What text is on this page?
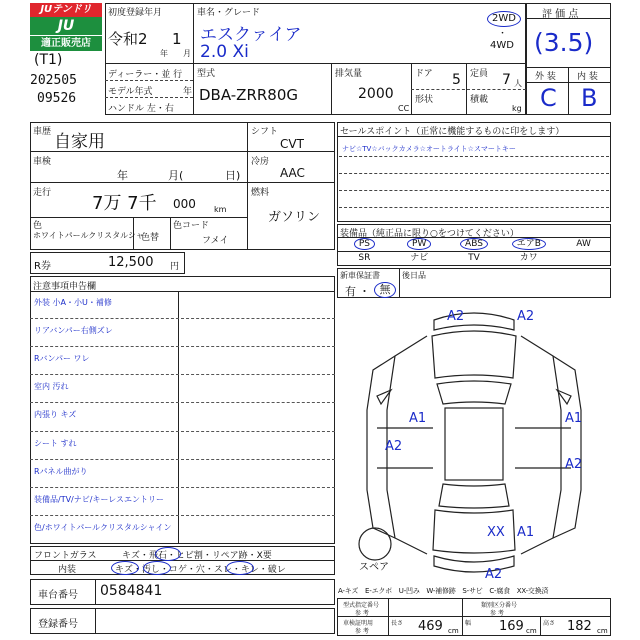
JUテンドリ
JU
適正販売店
(T1)
202505
09526
初度登録年月
令和2
年
1
月
車名・グレード
エスクァイア
2.0 Xi
2WD
・
4WD
ディーラー・並 行
モデル年式	年
ハンドル 左・右
型式
DBA-ZRR80G
排気量
2000
CC
ドア 5 定員 7 人
形状	積載
kg
評 価 点
(3.5)
外 装 内 装
C B
車歴 自家用
車検
年	月(	日)
走行 7万 7千 000 km
色
ホワイトパールクリスタルシャ
色替
色コード
フメイ
シフト
CVT
冷房
AAC
燃料
ガソリン
R券	12,500 円
セールスポイント（正常に機能するものに印をします）
ナビ☆TV☆バックカメラ☆オートライト☆スマートキー
装備品（純正品に限り○をつけてください）
PS	PW	ABS	エアB	AW
SR	ナビ	TV	カワ
新車保証書	後日品
有 ・ 無
注意事項申告欄
外装 小A・小U・補修
リアバンパー右側ズレ
Rバンパー ワレ
室内 汚れ
内張り キズ
シート すれ
Rパネル曲がり
装備品/TV/ナビ/キーレスエントリー
色/ホワイトパールクリスタルシャイン
フロントガラス	キズ・飛石・ヒビ割・リペア跡・X要
内装	キズ・汚し・コゲ・穴・スレ・キレ・破レ
車台番号 0584841
登録番号
A2	A2
A1	A1
A2
A2
XX A1
A2
スペア
A-キズ　E-エクボ　U-凹み　W-補修跡　S-サビ　C-腐食　XX-交換済
型式指定番号
参 考
類別区分番号
参 考
車検証明用
参 考
長さ 469 cm
幅 169 cm
高さ 182 cm
